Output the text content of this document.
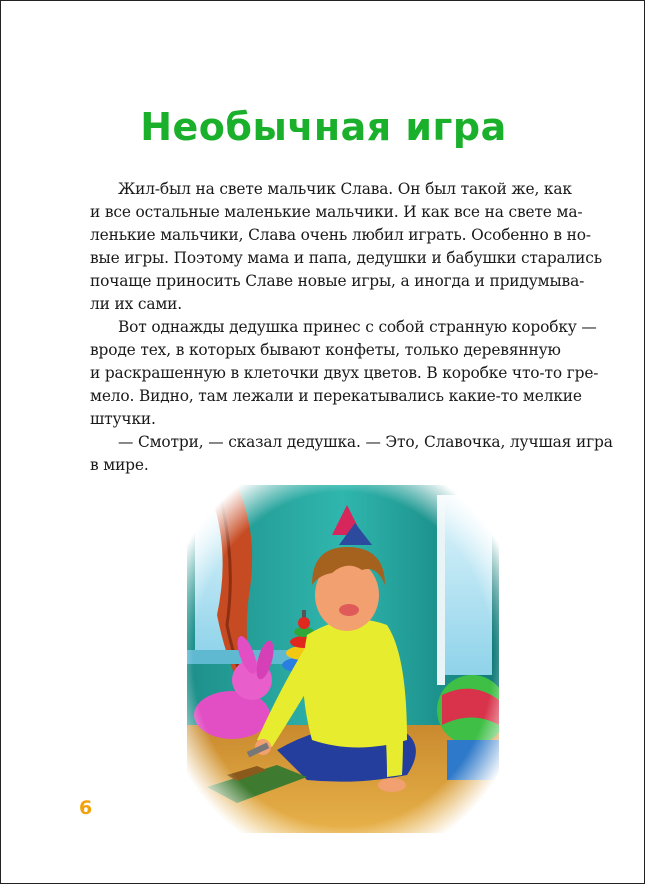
Необычная игра
Жил-был на свете мальчик Слава. Он был такой же, как
и все остальные маленькие мальчики. И как все на свете ма-
ленькие мальчики, Слава очень любил играть. Особенно в но-
вые игры. Поэтому мама и папа, дедушки и бабушки старались
почаще приносить Славе новые игры, а иногда и придумыва-
ли их сами.
Вот однажды дедушка принес с собой странную коробку —
вроде тех, в которых бывают конфеты, только деревянную
и раскрашенную в клеточки двух цветов. В коробке что-то гре-
мело. Видно, там лежали и перекатывались какие-то мелкие
штучки.
— Смотри, — сказал дедушка. — Это, Славочка, лучшая игра
в мире.
6
